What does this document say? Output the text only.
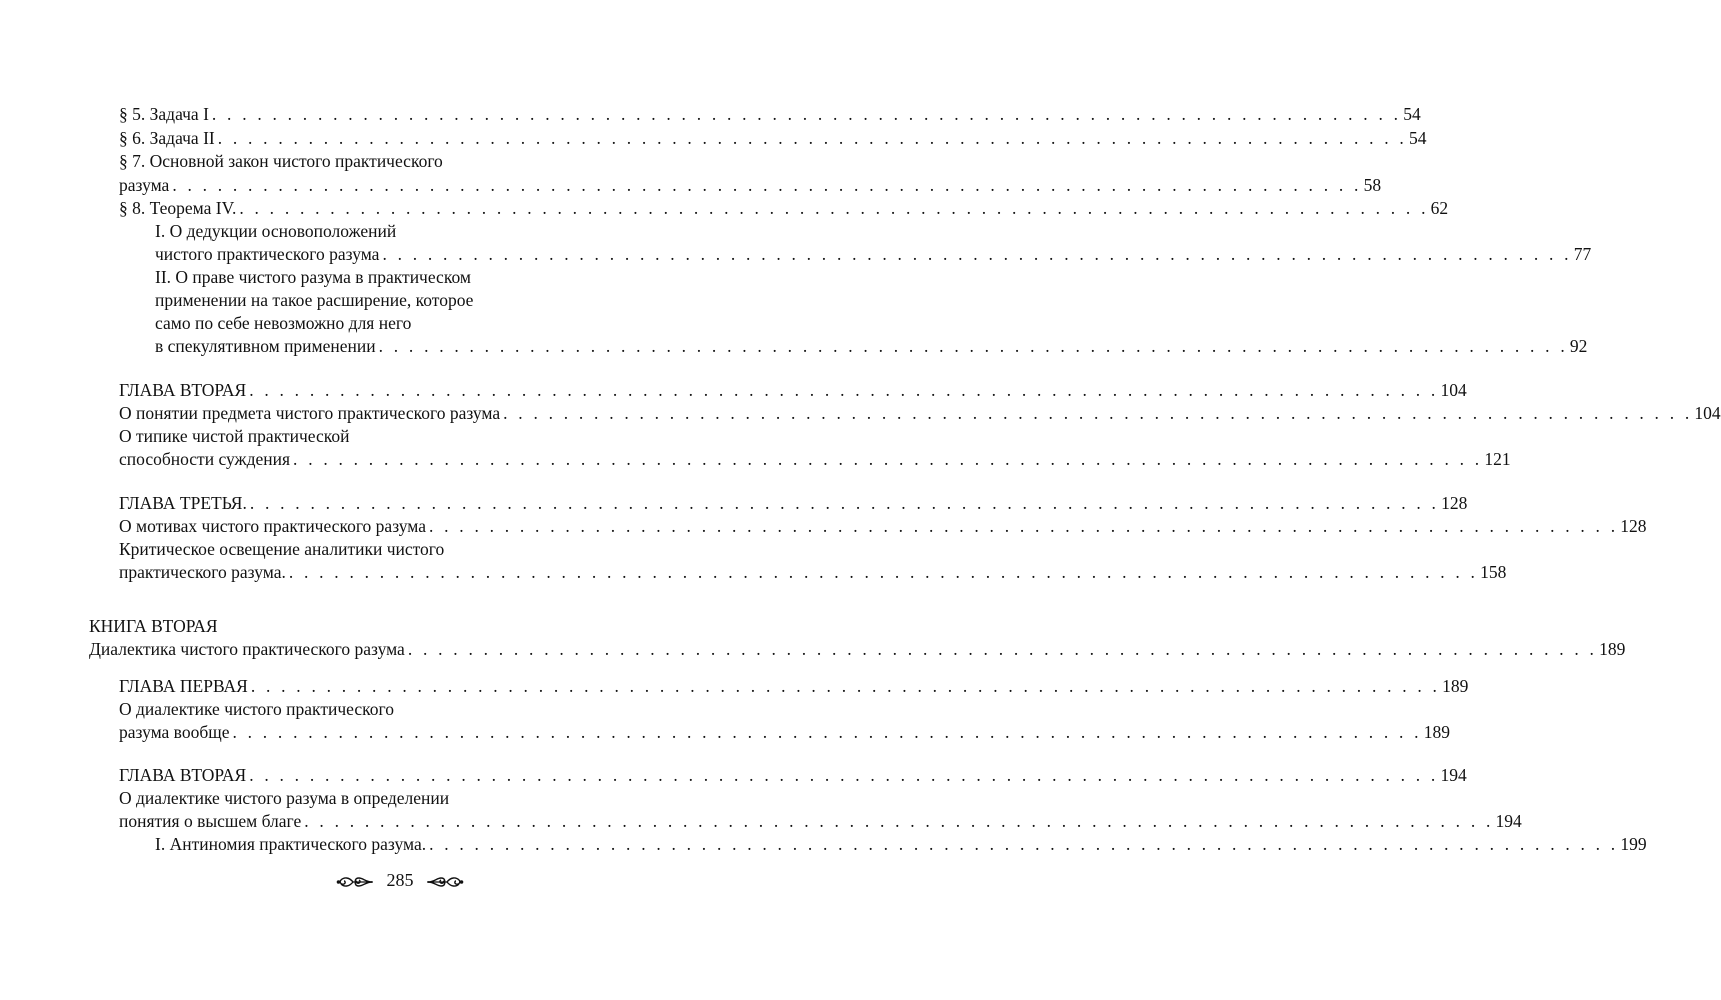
§ 5. Задача I . . . . . . . . . . . . . . . . . . . . . . . . . . . . . . . . . . . . . . . . . . . . . . . . . . . . . . . . . . . . . . . . . . . . . . . . . . . . . . . 54
§ 6. Задача II . . . . . . . . . . . . . . . . . . . . . . . . . . . . . . . . . . . . . . . . . . . . . . . . . . . . . . . . . . . . . . . . . . . . . . . . . . . . . . . 54
§ 7. Основной закон чистого практического
разума . . . . . . . . . . . . . . . . . . . . . . . . . . . . . . . . . . . . . . . . . . . . . . . . . . . . . . . . . . . . . . . . . . . . . . . . . . . . . . . 58
§ 8. Теорема IV. . . . . . . . . . . . . . . . . . . . . . . . . . . . . . . . . . . . . . . . . . . . . . . . . . . . . . . . . . . . . . . . . . . . . . . . . . . . . . . . 62
I. О дедукции основоположений
чистого практического разума . . . . . . . . . . . . . . . . . . . . . . . . . . . . . . . . . . . . . . . . . . . . . . . . . . . . . . . . . . . . . . . . . . . . . . . . . . . . . . . 77
II. О праве чистого разума в практическом
применении на такое расширение, которое
само по себе невозможно для него
в спекулятивном применении . . . . . . . . . . . . . . . . . . . . . . . . . . . . . . . . . . . . . . . . . . . . . . . . . . . . . . . . . . . . . . . . . . . . . . . . . . . . . . . 92
ГЛАВА ВТОРАЯ . . . . . . . . . . . . . . . . . . . . . . . . . . . . . . . . . . . . . . . . . . . . . . . . . . . . . . . . . . . . . . . . . . . . . . . . . . . . . . . 104
О понятии предмета чистого практического разума . . . . . . . . . . . . . . . . . . . . . . . . . . . . . . . . . . . . . . . . . . . . . . . . . . . . . . . . . . . . . . . . . . . . . . . . . . . . . . . 104
О типике чистой практической
способности суждения . . . . . . . . . . . . . . . . . . . . . . . . . . . . . . . . . . . . . . . . . . . . . . . . . . . . . . . . . . . . . . . . . . . . . . . . . . . . . . . 121
ГЛАВА ТРЕТЬЯ. . . . . . . . . . . . . . . . . . . . . . . . . . . . . . . . . . . . . . . . . . . . . . . . . . . . . . . . . . . . . . . . . . . . . . . . . . . . . . . . 128
О мотивах чистого практического разума . . . . . . . . . . . . . . . . . . . . . . . . . . . . . . . . . . . . . . . . . . . . . . . . . . . . . . . . . . . . . . . . . . . . . . . . . . . . . . . 128
Критическое освещение аналитики чистого
практического разума. . . . . . . . . . . . . . . . . . . . . . . . . . . . . . . . . . . . . . . . . . . . . . . . . . . . . . . . . . . . . . . . . . . . . . . . . . . . . . . . 158
КНИГА ВТОРАЯ
Диалектика чистого практического разума . . . . . . . . . . . . . . . . . . . . . . . . . . . . . . . . . . . . . . . . . . . . . . . . . . . . . . . . . . . . . . . . . . . . . . . . . . . . . . . 189
ГЛАВА ПЕРВАЯ . . . . . . . . . . . . . . . . . . . . . . . . . . . . . . . . . . . . . . . . . . . . . . . . . . . . . . . . . . . . . . . . . . . . . . . . . . . . . . . 189
О диалектике чистого практического
разума вообще . . . . . . . . . . . . . . . . . . . . . . . . . . . . . . . . . . . . . . . . . . . . . . . . . . . . . . . . . . . . . . . . . . . . . . . . . . . . . . . 189
ГЛАВА ВТОРАЯ . . . . . . . . . . . . . . . . . . . . . . . . . . . . . . . . . . . . . . . . . . . . . . . . . . . . . . . . . . . . . . . . . . . . . . . . . . . . . . . 194
О диалектике чистого разума в определении
понятия о высшем благе . . . . . . . . . . . . . . . . . . . . . . . . . . . . . . . . . . . . . . . . . . . . . . . . . . . . . . . . . . . . . . . . . . . . . . . . . . . . . . . 194
I. Антиномия практического разума. . . . . . . . . . . . . . . . . . . . . . . . . . . . . . . . . . . . . . . . . . . . . . . . . . . . . . . . . . . . . . . . . . . . . . . . . . . . . . . . 199
285
